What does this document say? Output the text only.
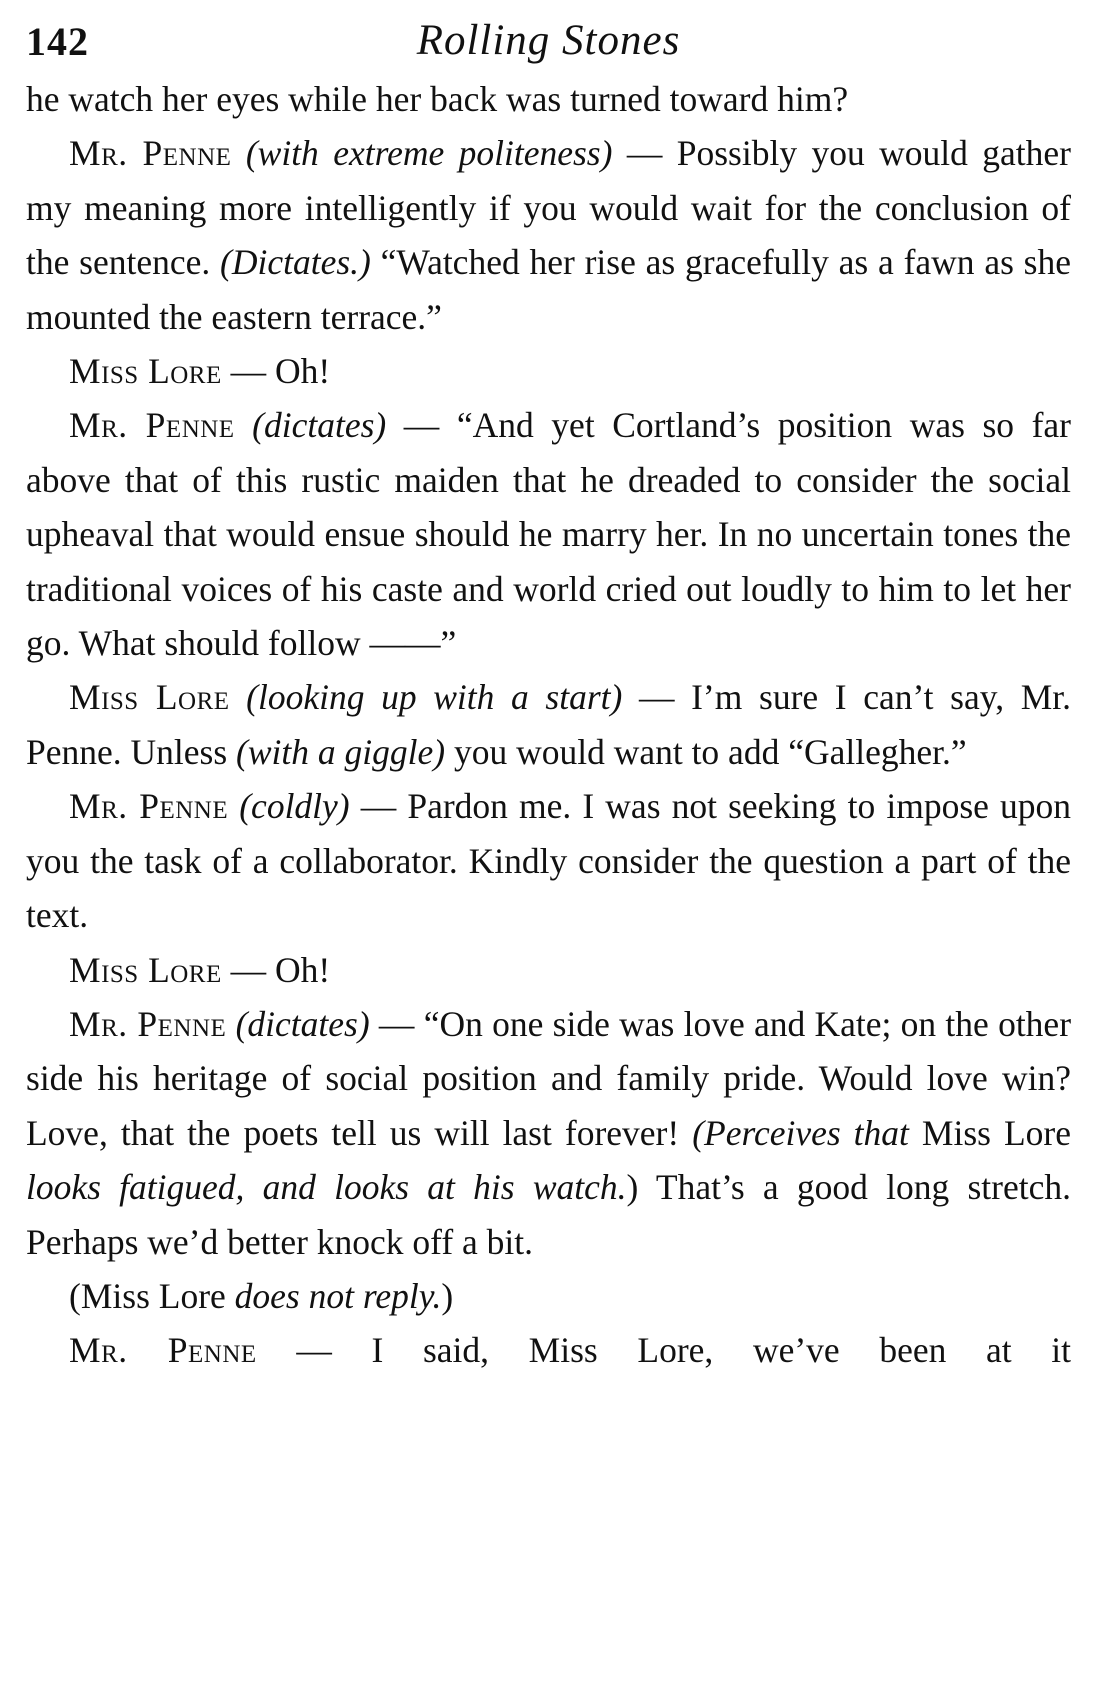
142	Rolling Stones

he watch her eyes while her back was turned toward him?

Mr. Penne (with extreme politeness) — Possibly you would gather my meaning more intelligently if you would wait for the conclusion of the sentence. (Dictates.) “Watched her rise as gracefully as a fawn as she mounted the eastern terrace.”

Miss Lore — Oh!

Mr. Penne (dictates) — “And yet Cortland’s position was so far above that of this rustic maiden that he dreaded to consider the social upheaval that would ensue should he marry her. In no uncertain tones the traditional voices of his caste and world cried out loudly to him to let her go. What should follow ——”

Miss Lore (looking up with a start) — I’m sure I can’t say, Mr. Penne. Unless (with a giggle) you would want to add “Gallegher.”

Mr. Penne (coldly) — Pardon me. I was not seeking to impose upon you the task of a collaborator. Kindly consider the question a part of the text.

Miss Lore — Oh!

Mr. Penne (dictates) — “On one side was love and Kate; on the other side his heritage of social position and family pride. Would love win? Love, that the poets tell us will last forever! (Perceives that Miss Lore looks fatigued, and looks at his watch.) That’s a good long stretch. Perhaps we’d better knock off a bit.

(Miss Lore does not reply.)

Mr. Penne — I said, Miss Lore, we’ve been at it
